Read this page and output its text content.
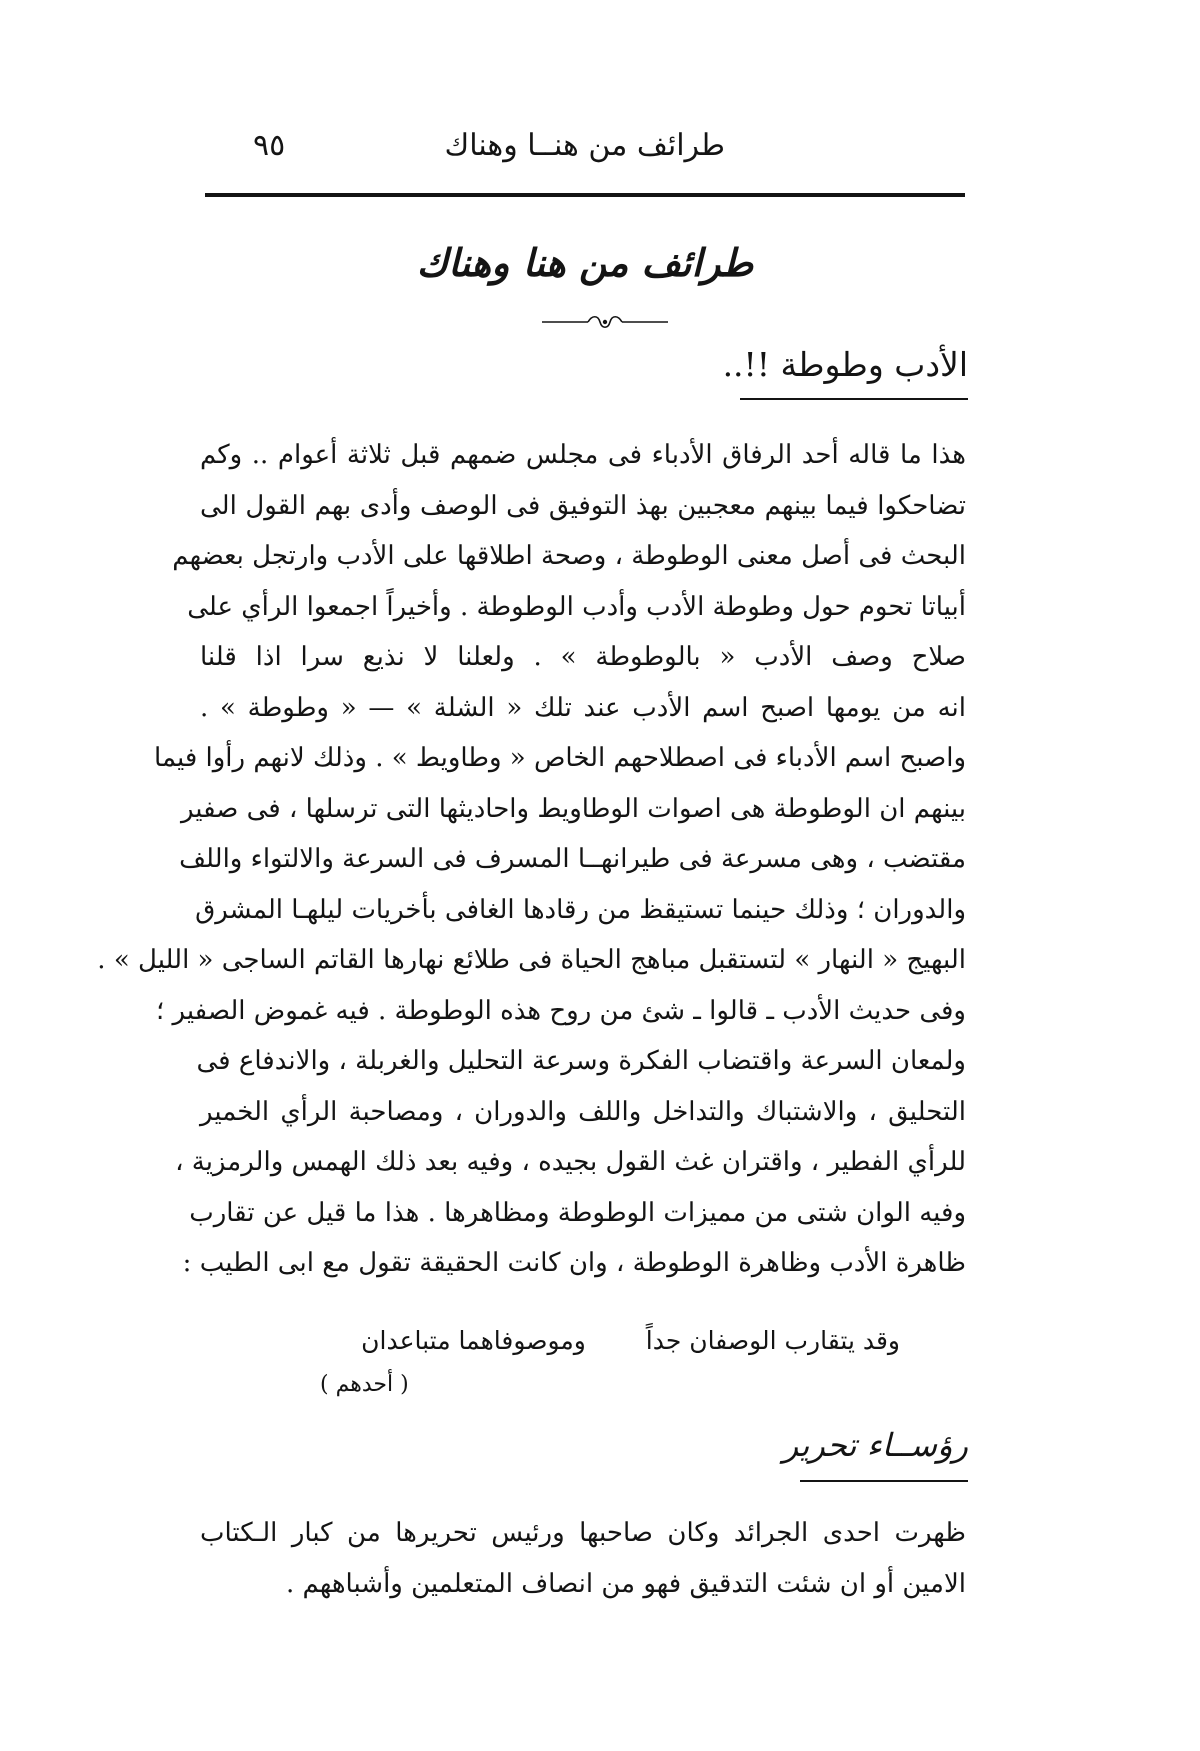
طرائف من هنــا وهناك
٩٥
طرائف من هنا وهناك
الأدب وطوطة !!..
هذا ما قاله أحد الرفاق الأدباء فى مجلس ضمهم قبل ثلاثة أعوام .. وكم
تضاحكوا فيما بينهم معجبين بهذ التوفيق فى الوصف وأدى بهم القول الى
البحث فى أصل معنى الوطوطة ، وصحة اطلاقها على الأدب وارتجل بعضهم
أبياتا تحوم حول وطوطة الأدب وأدب الوطوطة . وأخيراً اجمعوا الرأي على
صلاح وصف الأدب « بالوطوطة » . ولعلنا لا نذيع سرا اذا قلنا
انه من يومها اصبح اسم الأدب عند تلك « الشلة » — « وطوطة » .
واصبح اسم الأدباء فى اصطلاحهم الخاص « وطاويط » . وذلك لانهم رأوا فيما
بينهم ان الوطوطة هى اصوات الوطاويط واحاديثها التى ترسلها ، فى صفير
مقتضب ، وهى مسرعة فى طيرانهــا المسرف فى السرعة والالتواء واللف
والدوران ؛ وذلك حينما تستيقظ من رقادها الغافى بأخريات ليلهـا المشرق
البهيج « النهار » لتستقبل مباهج الحياة فى طلائع نهارها القاتم الساجى « الليل » .
وفى حديث الأدب ـ قالوا ـ شئ من روح هذه الوطوطة . فيه غموض الصفير ؛
ولمعان السرعة واقتضاب الفكرة وسرعة التحليل والغربلة ، والاندفاع فى
التحليق ، والاشتباك والتداخل واللف والدوران ، ومصاحبة الرأي الخمير
للرأي الفطير ، واقتران غث القول بجيده ، وفيه بعد ذلك الهمس والرمزية ،
وفيه الوان شتى من مميزات الوطوطة ومظاهرها . هذا ما قيل عن تقارب
ظاهرة الأدب وظاهرة الوطوطة ، وان كانت الحقيقة تقول مع ابى الطيب :
وقد يتقارب الوصفان جداً  وموصوفاهما متباعدان
( أحدهم )
رؤســاء تحرير
ظهرت احدى الجرائد وكان صاحبها ورئيس تحريرها من كبار الـكتاب
الامين أو ان شئت التدقيق فهو من انصاف المتعلمين وأشباههم .
